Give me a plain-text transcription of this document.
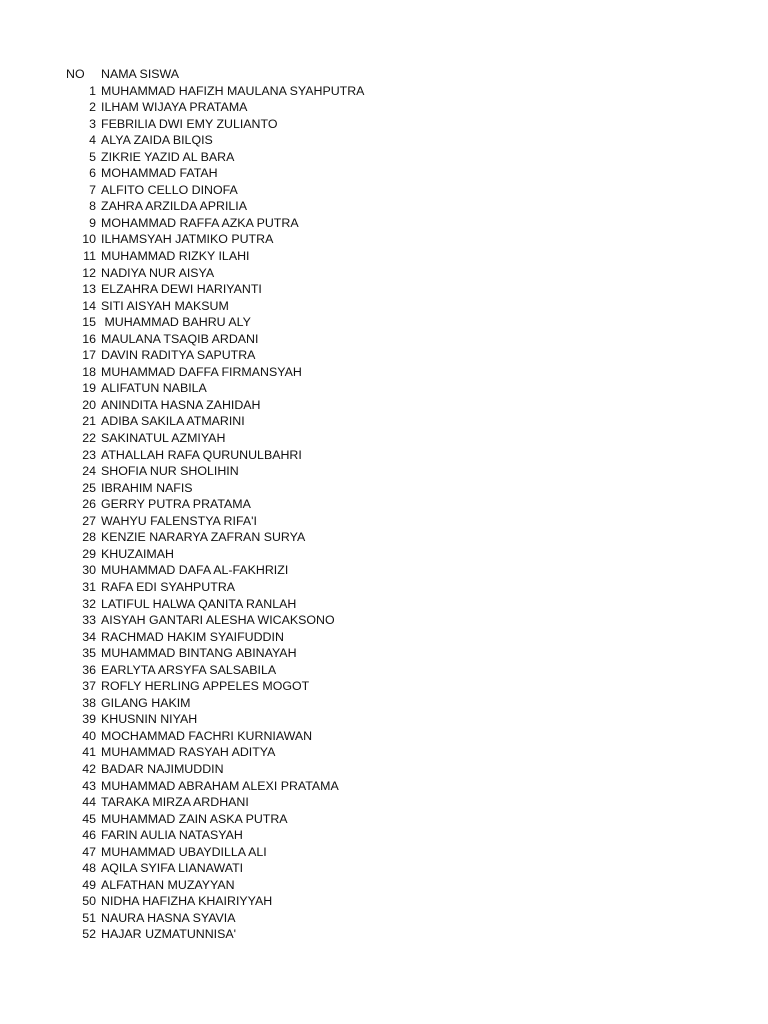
NO NAMA SISWA
1 MUHAMMAD HAFIZH MAULANA SYAHPUTRA
2 ILHAM WIJAYA PRATAMA
3 FEBRILIA DWI EMY ZULIANTO
4 ALYA ZAIDA BILQIS
5 ZIKRIE YAZID AL BARA
6 MOHAMMAD FATAH
7 ALFITO CELLO DINOFA
8 ZAHRA ARZILDA APRILIA
9 MOHAMMAD RAFFA AZKA PUTRA
10 ILHAMSYAH JATMIKO PUTRA
11 MUHAMMAD RIZKY ILAHI
12 NADIYA NUR AISYA
13 ELZAHRA DEWI HARIYANTI
14 SITI AISYAH MAKSUM
15 MUHAMMAD BAHRU ALY
16 MAULANA TSAQIB ARDANI
17 DAVIN RADITYA SAPUTRA
18 MUHAMMAD DAFFA FIRMANSYAH
19 ALIFATUN NABILA
20 ANINDITA HASNA ZAHIDAH
21 ADIBA SAKILA ATMARINI
22 SAKINATUL AZMIYAH
23 ATHALLAH RAFA QURUNULBAHRI
24 SHOFIA NUR SHOLIHIN
25 IBRAHIM NAFIS
26 GERRY PUTRA PRATAMA
27 WAHYU FALENSTYA RIFA'I
28 KENZIE NARARYA ZAFRAN SURYA
29 KHUZAIMAH
30 MUHAMMAD DAFA AL-FAKHRIZI
31 RAFA EDI SYAHPUTRA
32 LATIFUL HALWA QANITA RANLAH
33 AISYAH GANTARI ALESHA WICAKSONO
34 RACHMAD HAKIM SYAIFUDDIN
35 MUHAMMAD BINTANG ABINAYAH
36 EARLYTA ARSYFA SALSABILA
37 ROFLY HERLING APPELES MOGOT
38 GILANG HAKIM
39 KHUSNIN NIYAH
40 MOCHAMMAD FACHRI KURNIAWAN
41 MUHAMMAD RASYAH ADITYA
42 BADAR NAJIMUDDIN
43 MUHAMMAD ABRAHAM ALEXI PRATAMA
44 TARAKA MIRZA ARDHANI
45 MUHAMMAD ZAIN ASKA PUTRA
46 FARIN AULIA NATASYAH
47 MUHAMMAD UBAYDILLA ALI
48 AQILA SYIFA LIANAWATI
49 ALFATHAN MUZAYYAN
50 NIDHA HAFIZHA KHAIRIYYAH
51 NAURA HASNA SYAVIA
52 HAJAR UZMATUNNISA'
